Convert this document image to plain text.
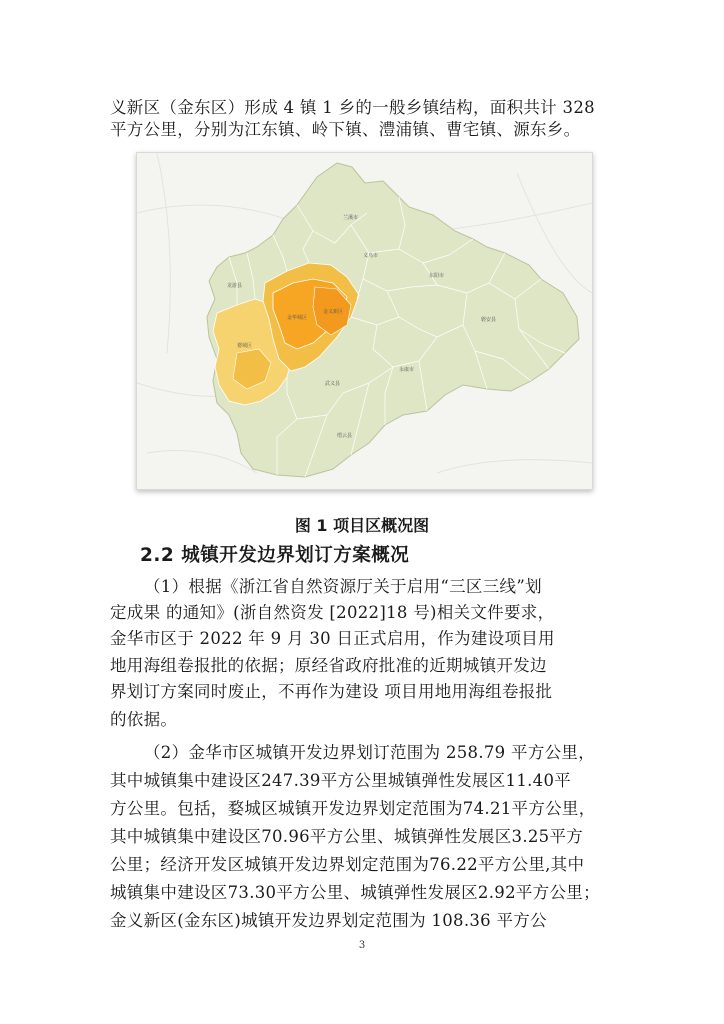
义新区（金东区）形成 4 镇 1 乡的一般乡镇结构，面积共计 328
平方公里，分别为江东镇、岭下镇、澧浦镇、曹宅镇、源东乡。
兰溪市
义乌市
东阳市
磐安县
永康市
武义县
缙云县
龙游县
婺城区
金华城区
金义新区
图 1 项目区概况图
2.2 城镇开发边界划订方案概况
（1）根据《浙江省自然资源厅关于启用“三区三线”划
定成果 的通知》(浙自然资发 [2022]18 号)相关文件要求，
金华市区于 2022 年 9 月 30 日正式启用，作为建设项目用
地用海组卷报批的依据；原经省政府批准的近期城镇开发边
界划订方案同时废止，不再作为建设 项目用地用海组卷报批
的依据。
（2）金华市区城镇开发边界划订范围为 258.79 平方公里，
其中城镇集中建设区247.39平方公里城镇弹性发展区11.40平
方公里。包括，婺城区城镇开发边界划定范围为74.21平方公里，
其中城镇集中建设区70.96平方公里、城镇弹性发展区3.25平方
公里；经济开发区城镇开发边界划定范围为76.22平方公里,其中
城镇集中建设区73.30平方公里、城镇弹性发展区2.92平方公里；
金义新区(金东区)城镇开发边界划定范围为 108.36 平方公
3
